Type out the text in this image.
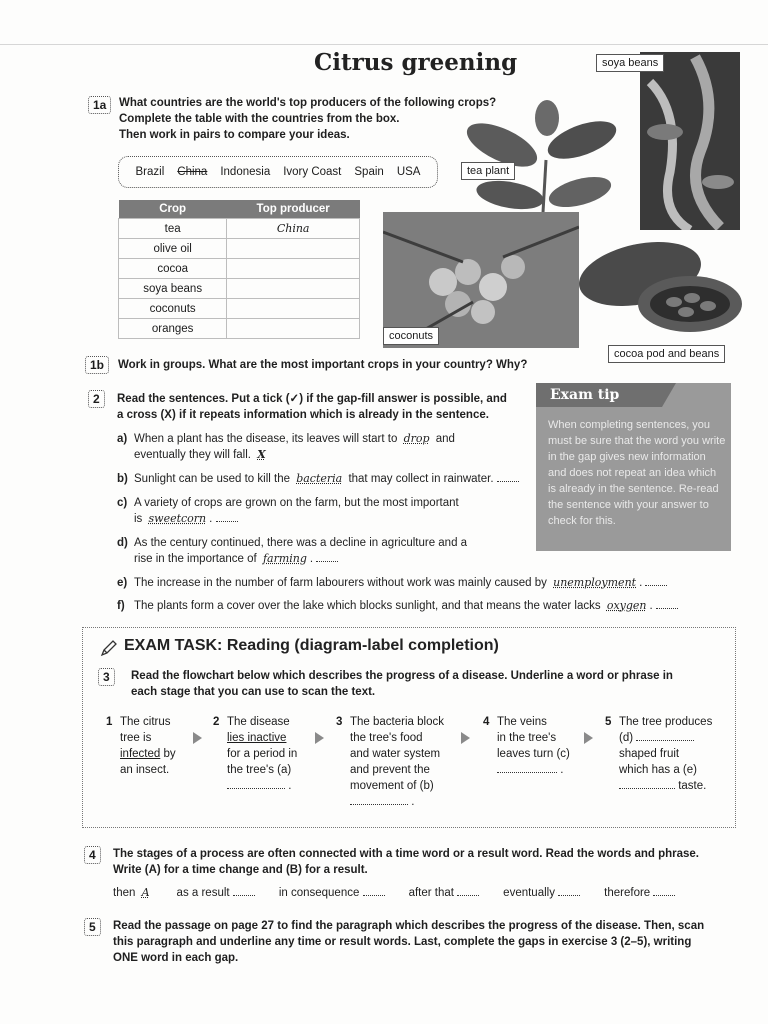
Citrus greening	soya beans
tea plant
coconuts
cocoa pod and beans
1a	What countries are the world's top producers of the following crops?
Complete the table with the countries from the box.
Then work in pairs to compare your ideas.
Brazil China Indonesia Ivory Coast Spain USA
Crop	Top producer
tea	China
olive oil	
cocoa	
soya beans	
coconuts	
oranges	
1b	Work in groups. What are the most important crops in your country? Why?
2	Read the sentences. Put a tick (✓) if the gap-fill answer is possible, and
a cross (X) if it repeats information which is already in the sentence.
a) When a plant has the disease, its leaves will start to drop and
eventually they will fall. X
b) Sunlight can be used to kill the bacteria that may collect in rainwater.
c) A variety of crops are grown on the farm, but the most important
is sweetcorn .
d) As the century continued, there was a decline in agriculture and a
rise in the importance of farming .
e) The increase in the number of farm labourers without work was mainly caused by unemployment .
f) The plants form a cover over the lake which blocks sunlight, and that means the water lacks oxygen .
Exam tip
When completing sentences, you must be sure that the word you write in the gap gives new information and does not repeat an idea which is already in the sentence. Re-read the sentence with your answer to check for this.
EXAM TASK: Reading (diagram-label completion)
3	Read the flowchart below which describes the progress of a disease. Underline a word or phrase in
each stage that you can use to scan the text.
1 The citrus
tree is
infected by
an insect.
2 The disease
lies inactive
for a period in
the tree's (a)
.
3 The bacteria block
the tree's food
and water system
and prevent the
movement of (b)
.
4 The veins
in the tree's
leaves turn (c)
.
5 The tree produces
(d)
shaped fruit
which has a (e)
taste.
4	The stages of a process are often connected with a time word or a result word. Read the words and phrase.
Write (A) for a time change and (B) for a result.
then A as a result	in consequence	after that	eventually	therefore
5	Read the passage on page 27 to find the paragraph which describes the progress of the disease. Then, scan
this paragraph and underline any time or result words. Last, complete the gaps in exercise 3 (2–5), writing
ONE word in each gap.
